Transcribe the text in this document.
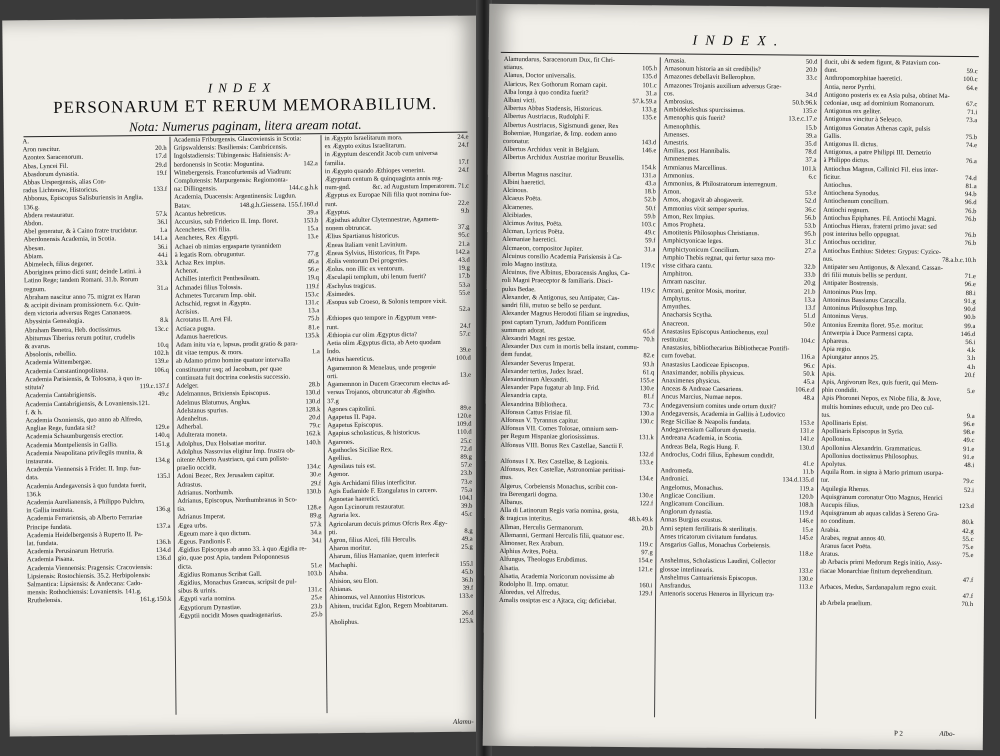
INDEX
PERSONARUM ET RERUM MEMORABILIUM.
Nota: Numerus paginam, litera aream notat.
A.
Aron nascitur.	20.h
Azontex Saracenorum.	17.d
Abas, Lyncei Fil.	29.d
Abasdorum dynastia.	19.f
Abbas Urspergensis, alias Con-
radus Lichtenaw, Historicus.	133.f
Abbonus, Episcopus Salisburiensis in Anglia.
136.g.
Abdera restauratur.	57.k
Abdon.	36.l
Abel generatur, & à Caino fratre trucidatur.	1.a
Aberdonensis Academia, in Scotia.	141.a
Abesan.	36.i
Abiam.	44.i
Abimelech, filius degener.	33.k
Aborigines primo dicti sunt; deinde Latini. à
Latino Rege; tandem Romani. 31.b. Rorum
regnum.	31.a
Abraham nascitur anno 75. migrat ex Haran
& accipit divinam promissionem. 6.c. Quin-
dem victoria adversus Reges Cananaeos.
Abyssinia Genealogia.	8.k
Abraham Benetra, Heb. doctissimus.	13c.c
Abiturnus Tiberius rerum potitur, crudelis
& avarus.	10.q
Absolonis, rebellio.	102.h
Academia Wittembergae.	139.e
Academia Constantinopolitana.	106.q
Academia Parisiensis, & Tolosana, à quo in-
stituta?	119.c.137.f
Academia Cantabrigiensis.	49.c
Academia Cantabrigiensis, & Lovaniensis.121.
f. & h.
Academia Oxoniensis, quo anno ab Alfredo,
Angliae Rege, fundata sit?	129.e
Academia Schaumburgensis erectior.	140.q
Academia Montpeliensis in Gallia.	151.g
Academia Neapolitana privilegiis munita, &
instaurata.	134.g
Academia Viennensis à Frider. II. Imp. fun-
data.	135.l
Academia Andegavensis à quo fundata fuerit,
136.k
Academia Aurelianensis, à Philippo Pulchro,
in Gallia instituta.	136.g
Academia Ferrariensis, ab Alberto Ferrariae
Principe fundata.	137.a
Academia Heidelbergensis à Ruperto II. Pa-
lat. fundata.	136.h
Academia Perusinarum Hetruria.	134.d
Academia Pisana.	136.d
Academia Viennensis: Pragensis: Cracoviensis:
Lipsiensis: Rostochiensis. 35.2. Herbipolensis:
Salmantica: Lipsiensis: & Andecana: Cado-
mensis: Rothochiensis: Lovaniensis. 141.g.
Rruthelensis.	161.g.150.k
Academia Friburgensis. Glascoviensis in Scotia:
Gripswaldensis: Basiliensis: Cambricensis.
Ingolstadiensis: Tübingensis: Hafniensis: A-
berdonensis in Scotia: Moguntina.	142.a
Wittebergensis. Francofurtensis ad Viadrum:
Complutensis: Marpurgensis: Regiomonta-
na: Dillingensis.	144.c.g.h.k
Academia, Duacensis: Argentinensis: Lugdun.
Batav.	148.g.h.Giessena. 155.f.160.d
Acantus hebreticus.	39.a
Accursius, sub Friderico II. Imp. floret.	153.b
Acenchetes. Ori filia.	15.a
Aenchetes, Rex Ægypti.	13.e
Achaei ob nimias ergasparte tyrannidem
à legatis Rom. obruguntur.	77.g
Achaz Rex impius.	46.a
Achenat.	56.e
Achilles interficit Penthesileam.	19.q
Achmadei filius Tolossis.	119.f
Achmetes Turcarum Imp. obit.	153.c
Achschid, regnat in Ægypto.	131.c
Acrisius.	13.a
Acrotatus II. Arei Fil.	75.b
Actiaca pugna.	81.e
Adamus haereticus.	135.k
Adam initu via e, lapsus, prodit gratio & para-
dit vitae tempus. & mors.	1.a
ab Adamo primo homine quatuor intervalla
constituuntur usq; ad Jacobum, per quae
continuata fuit doctrina coelestis successio.
Adelger.	28.b
Adelmannus, Brixiensis Episcopus.	130.d
Adelmus Blatumus, Anglus.	130.d
Adelstanus spurius.	128.k
Adenheltus.	20.d
Adherbal.	79.c
Adulterata moneta.	162.k
Adolphus, Dux Holsatiae moritur.	140.h
Adolphus Nassovius eligitur Imp. frustra ob-
nitente Alberto Austriaco, qui cum poliste-
praelio occidit.	134.c
Adoni Bezec, Rex Jerusalem capitur.	30.e
Adrastus.	29.f
Adrianus. Northumb.	130.b
Adrianus, Episcopus, Northumbranus in Sco-
tia.	128.e
Adrianus Imperat.	89.g
Ægea urbs.	57.k
Ægeum mare à quo dictum.	34.a
Ægeus. Pandionis F.	34.i
Ægidius Episcopus ab anno 33. à quo Ægidia re-
gio, quae post Apia, tandem Peloponnesus
dicta.	51.e
Ægidius Romanus Scribat Gall.	103.b
Ægidius, Monachus Graecus, scripsit de pul-
sibus & urinis.	131.c
Ægypti varia nomina.	25.e
Ægyptiorum Dynastiae.	23.b
Ægyptii nocidit Moses quadragenarius.	25.b
in Ægypto Israelitarum mora.	24.e
ex Ægypto exitus Israelitarum.	24.f
in Ægyptum descendit Jacob cum universa
familia.	17.f
in Ægypto quando Æthiopes venerint.	24.f
Ægyptum centum & quinquaginta annis reg-
num-gnd.	&c. ad Augustum Imperatorem. 71.c
Ægyptus ex Europae Nili filia quot nomina fue-
runt.	22.e
Ægyptus.	9.b
Ægisthus adulter Clytemnestrae, Agamem-
nonem obtruncat.	37.g
Ælius Spartianus historicus.	95.c
Æneas Italiam venit Lavinium.	21.a
Æneas Sylvius, Historicus, fit Papa.	142.a
Æolis ventorum Dei progenies.	43.d
Æolus. non illic ex ventorum.	19.g
Æsculapii templum, ubi lenum fuerit?	17.b
Æschylus tragicus.	53.a
Æsimedes.	55.e
Æsopus sub Croeso, & Solonis tempore vixit.
52.a
Æthiopes quo tempore in Ægyptum vene-
runt.	24.f
Æthiopia cur olim Ægyptus dicta?	57.c
Aetia olim Ægyptus dicta, ab Aeto quodam
Indo.	39.e
Aëtius haereticus.	100.d
Agamemnon & Menelaus, unde progenie
orti.	13.e
Agamemnon in Ducem Graecorum electus ad-
versus Trojanos, obtruncatur ab Ægistho.
37.g
Agones capitolini.	89.e
Agapetus II. Papa.	120.e
Agapetus Episcopus.	109.d
Agapius scholasticus, & historicus.	110.d
Agarenes.	25.c
Agathocles Siciliae Rex.	72.d
Agellius.	89.g
Agesilaus tuis est.	57.e
Agenor.	23.b
Agis Archidami filius interficitur.	73.e
Agis Eudamide F. Etangulatus in carcere.	75.a
Agnoetae haeretici.	104.l
Agon Lycinorum restauratur.	39.b
Agraria lex.	45.c
Agricolarum decuis primus Ofcris Rex Ægy-
pti.	8.g
Agron, filius Alcei, filii Herculis.	49.a
Aharon moritur.	25.g
Aharum, filius Hamaniae, quem interfecit
Machaphi.	155.l
Ahaba.	45.b
Ahision, seu Elon.	36.h
Ahianas.	39.f
Ahinomus, vel Annonius Historicus.	133.e
Ahitem, trucidat Eglon, Regem Moabitarum.
26.d
Aholiphus.	125.k
Alamu-
INDEX.
Alamundarus, Saracenorum Dux, fit Chri-
stianus.	105.h
Alanus, Doctor universalis.	135.d
Alaricus, Rex Gothorum Romam capit.	101.c
Alba longa à quo condita fuerit?	31.a
Albani victi.	57.k.59.a
Albertus Abbas Stadensis, Historicus.	133.g
Albertus Austriacus, Rudolphi F.	135.e
Albertus Austriacus, Sigismundi gener, Rex
Bohemiae, Hungariae, & Imp. eodem anno
coronatur.	143.d
Albertus Archidux venit in Belgium.	146.e
Albertus Archidux Austriae moritur Bruxellis.
154.k
Albertus Magnus nascitur.	131.a
Albini haeretici.	43.a
Alcinous.	18.b
Alcaeus Poëta.	52.b
Alcamenes.	50.f
Alcibiades.	59.b
Alcimus Avitus, Poëta.	103.c
Alcman, Lyricus Poëta.	49.c
Alemaniae haeretici.	59.f
Alcmaeon, compositor Jupiter.	31.a
Alcuinus consilio Academia Parisiensis à Ca-
rolo Magno instituta.	119.c
Alcuinus, five Albinus, Eboracensis Anglus, Ca-
roli Magni Praeceptor & familiaris. Disci-
pulus Bedae.	119.c
Alexander, & Antigonus, seu Antipater, Cas-
sandri filii, mutuo se bello se perdunt.
Alexander Magnus Herodoti filiam se ingredius,
post captam Tyrum, Jaddum Pontificem
summum adorat.	65.d
Alexandri Magni res gestae.	70.h
Alexander Dux cum in mortis bella instant, commu-
dem fundat.	82.e
Alexander Severus Imperat.	93.h
Alexander tertius, Judex Israel.	61.q
Alexandrinum Alexandri.	155.e
Alexander Papa fugatur ab Imp. Frid.	130.e
Alexandria capta.	81.f
Alexandrina Bibliotheca.	73.c
Alfonsus Cattus Frisiae fil.	130.a
Alfonsus V. Tyrannus capitur.	130.c
Alfonsus VII. Comes Tolosae, omnium sem-
per Regum Hispaniae gloriosissimus.	131.k
Alfonsus VIII. Bonus Rex Castellae, Sanctii F.
132.d
Alfonsus I X. Rex Castellae, & Legionis.	133.e
Alfonsus, Rex Castellae, Astronomiae peritissi-
mus.	134.e
Algerus, Corbeiensis Monachus, scribit con-
tra Berengarii dogma.	130.e
Albanus.	122.f
Alla di Latinorum Regis varia nomina, gesta,
& tragicus interitus.	48.b.49.k
Allman, Herculis Germanorum.	20.b
Allemanni, Germani Herculis filii, quatuor esc.
Almonser, Rex Arabum.	119.c
Alphius Avites, Poëta.	97.g
Alfungus, Theologus Erubdimus.	154.e
Alsatia.	121.e
Alsatia, Academia Noricorum novissime ab
Rodolpho II. Imp. ornatur.	160.i
Aloredus, vel Alfredus.	129.f
Amalis ossiptas esc a Ajtaca, ciq; deficiebat.
Amasia.	50.d
Amasonum historia an sit credibilis?	20.b
Amazones debellavit Bellerophon.	33.c
Amazones Trojanis auxilium adversus Grae-
cos.	34.d
Ambrosius.	50.b.96.k
Ambidekeleshus spurcissimus.	135.e
Amenophis quis fuerit?	13.e.c.17.e
Amenophthis.	15.b
Amenses.	39.a
Amestris.	35.d
Amilias, post Hannibalis.	78.d
Ammenemes.	37.a
Ammianus Marcellinus.	101.k
Ammonius.	6.c
Ammonius, & Philostratorum interregnum.
Amon.	53.e
Amos, ahogavit ab ahogaverit.	52.d
Ammonius vixit semper spurius.	36.c
Amon, Rex Impius.	56.b
Amos Propheta.	53.b
Amotitenis Philosophus Christianus.	95.h
Amphictyonicae leges.	31.c
Amphictyonicum Concilium.	27.a
Amphio Thebis regnat, qui fertur saxa mo-
visse cithara cantu.	32.b
Amphitron.	33.b
Amram nascitur.	20.g
Amrani, genitor Mosis, moritur.	21.b
Amphytus.	13.a
Amynthes.	13.f
Anacharsis Scytha.	51.d
Anacreon.	50.e
Anastasius Episcopus Antiochenus, exul
restituitur.	104.c
Anastasius, bibliothecarius Bibliothecae Pontifi-
cum fovebat.	116.a
Anastasius Laodiceae Episcopus.	96.c
Anaximander, nobilis physicus.	50.k
Anaximenes physicus.	45.a
Anceas & Andreae Caesariens.	106.e.d
Ancus Marcius, Numae nepos.	48.a
Andegavensium comites unde ortum duxit?
Andegavensis, Academia in Galliis à Ludovico
Rege Siciliae & Neapolis fundata.	153.e
Andegavensium Gallorum dynastia.	131.e
Andreana Academia, in Scotia.	141.e
Andreas Bela, Regis Hung. F.	130.d
Androclus, Codri filius, Ephesum condidit.
41.e
Andromeda.	11.b
Andronici.	134.d.135.d
Angelomus, Monachus.	119.a
Anglicae Concilium.	120.b
Anglicanum Concilium.	108.h
Anglorum dynastia.	119.d
Annas Burgius exustus.	146.e
Anni septem fertilitatis & sterilitatis.	15.e
Anses tricatorum civitatum fundatus.	145.e
Ansgarius Gallus, Monachus Corbeiensis.
118.e
Anshelmus, Scholasticus Laudini, Collector
glossae interlinearis.	133.e
Anshelmus Cantuariensis Episcopus.	130.e
Ansfrandus.	113.e
Antenoris socerus Heneros in Illyricum tra-
ducit, ubi & sedem figunt, & Patavium con-
dunt.	59.c
Anthropomorphitae haeretici.	100.c
Antia, neror Pyrrhi.	64.e
Antigono posteris ex ea Asia pulsa, obtinet Ma-
cedoniae, usq; ad dominium Romanorum.	67.c
Antigonus rex geliter.	71.i
Antigonus vincitur à Seleuco.	73.a
Antigonus Gonatas Athenas capit, pulsis
Gallis.	75.b
Antigonus II. dictus.	74.e
Antigonus, a patre Philippi III. Demetrio
à Philippo dictus.	76.a
Antiochus Magnus, Callinici Fil. eius inter-
ficitur.	74.d
Antiochus.	81.a
Antiochena Synodus.	94.b
Antiochenum concilium.	96.d
Antiochi regnum.	76.b
Antiochus Epiphanes. Fil. Antiochi Magni.	76.b
Antiochus Hierax, fraterni primo juvat: sed
post interitus bello oppugnat.	76.b
Antiochus occiditur.	76.b
Antiochus Enthius: Sidetes: Grypus: Cyzice-
nus.	78.a.b.c.10.h
Antipater seu Antigonus, & Alexand. Cassan-
dri filii mutuis bellis se perdunt.	71.e
Antipater Bostrensis.	96.e
Antoninus Pius Imp.	88.i
Antoninus Bassianus Caracalla.	91.g
Antoninus Philosophus Imp.	90.d
Antoninus Verus.	90.b
Antonius Eremita floret. 95.e. moritur.	99.a
Antwerpia à Duce Parmensi capta.	146.d
Aphareus.	56.i
Apia regio.	4.k
Apiungatur annos 25.	3.h
Apis.	4.h
Apis.	20.f
Apis, Argivorum Rex, quis fuerit, qui Mem-
phin condidit.	5.e
Apis Phoronei Nepos, ex Niobe filia, & Jove,
multis homines educuit, unde pro Deo cul-
tus.	9.a
Apollinaris Epist.	96.e
Apollinaris Episcopus in Syria.	98.e
Apollonius.	49.c
Apollonius Alexandrin. Grammaticus.	91.e
Apollonius doctissimus Philosophus.	91.e
Apolytus.	48.i
Aquila Rom. in signa à Mario primum usurpa-
tur.	79.c
Aquilegia Rhenus.	52.i
Aquisgranum coronatur Otto Magnus, Henrici
Aucupis filius.	123.d
Aquisgranum ab aquas calidas à Sereno Gra-
no conditum.	80.k
Arabia.	42.g
Arabes, regnat annos 40.	55.c
Aranus facet Poëta.	75.e
Aratus.	75.e
ab Arbacis primi Medorum Regis initio, Assy-
riacae Monarchiae finitum deprehenditum.
47.f
Arbaces, Medus, Sardanapalum regno exuit.
47.f
ab Arbela praelium.	70.h
P 2	Albo-
